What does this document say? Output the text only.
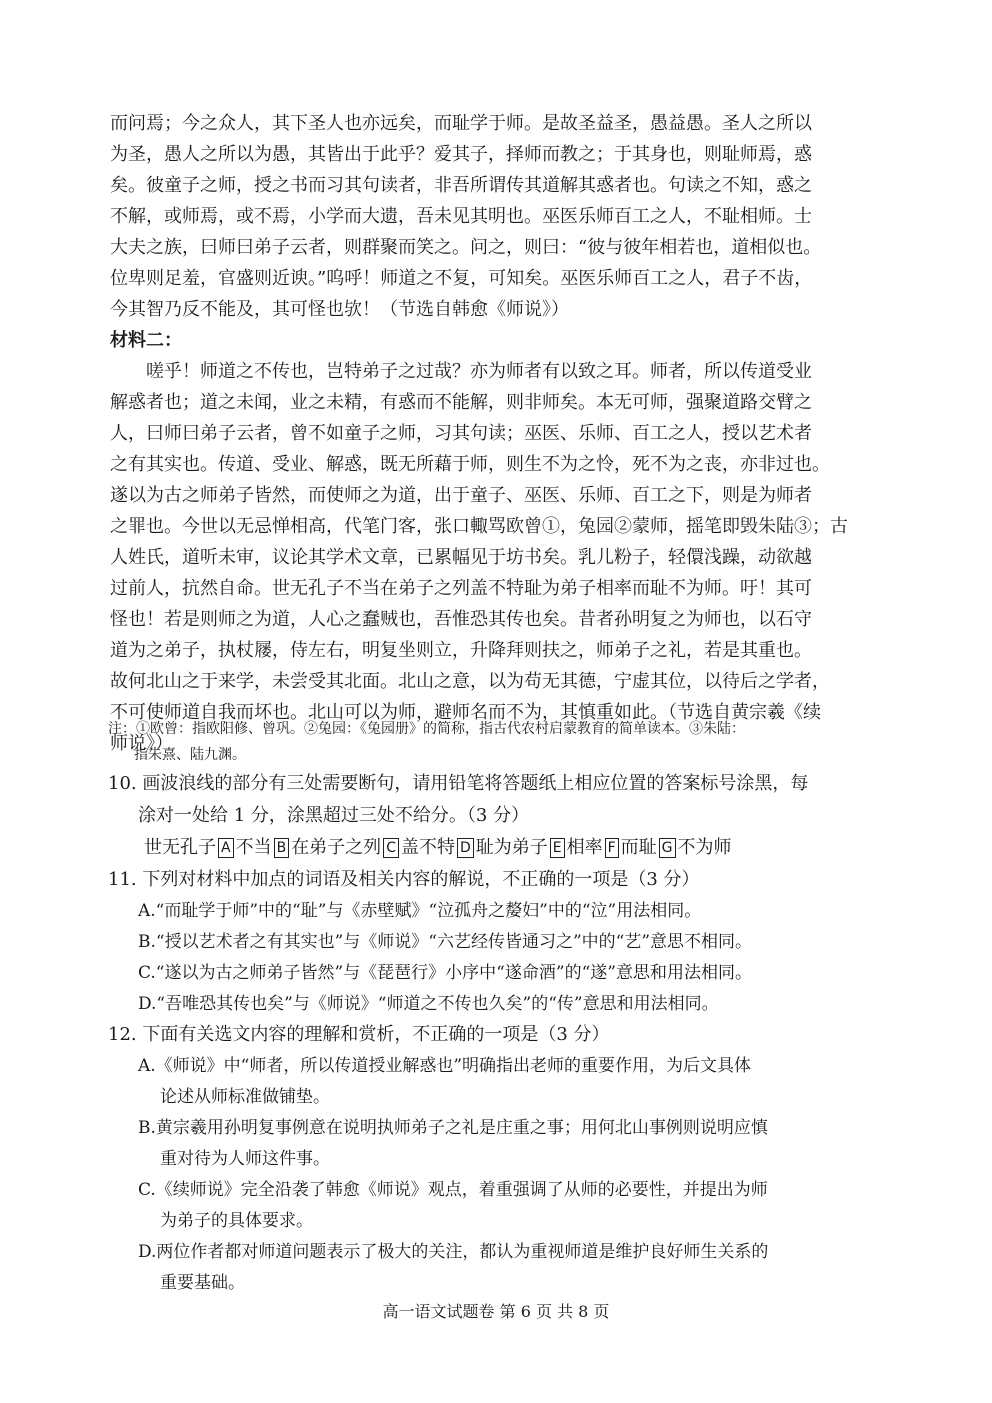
而问焉；今之众人，其下圣人也亦远矣，而耻学于师。是故圣益圣，愚益愚。圣人之所以
为圣，愚人之所以为愚，其皆出于此乎？爱其子，择师而教之；于其身也，则耻师焉，惑
矣。彼童子之师，授之书而习其句读者，非吾所谓传其道解其惑者也。句读之不知，惑之
不解，或师焉，或不焉，小学而大遗，吾未见其明也。巫医乐师百工之人，不耻相师。士
大夫之族，曰师曰弟子云者，则群聚而笑之。问之，则曰：“彼与彼年相若也，道相似也。
位卑则足羞，官盛则近谀。”呜呼！师道之不复，可知矣。巫医乐师百工之人，君子不齿，
今其智乃反不能及，其可怪也欤！（节选自韩愈《师说》）
材料二：
嗟乎！师道之不传也，岂特弟子之过哉？亦为师者有以致之耳。师者，所以传道受业
解惑者也；道之未闻，业之未精，有惑而不能解，则非师矣。本无可师，强聚道路交臂之
人，曰师曰弟子云者，曾不如童子之师，习其句读；巫医、乐师、百工之人，授以艺术者
之有其实也。传道、受业、解惑，既无所藉于师，则生不为之怜，死不为之丧，亦非过也。
遂以为古之师弟子皆然，而使师之为道，出于童子、巫医、乐师、百工之下，则是为师者
之罪也。今世以无忌惮相高，代笔门客，张口輙骂欧曾①，兔园②蒙师，摇笔即毁朱陆③；古
人姓氏，道听未审，议论其学术文章，已累幅见于坊书矣。乳儿粉子，轻儇浅躁，动欲越
过前人，抗然自命。世无孔子不当在弟子之列盖不特耻为弟子相率而耻不为师。吁！其可
怪也！若是则师之为道，人心之蠢贼也，吾惟恐其传也矣。昔者孙明复之为师也，以石守
道为之弟子，执杖屦，侍左右，明复坐则立，升降拜则扶之，师弟子之礼，若是其重也。
故何北山之于来学，未尝受其北面。北山之意，以为苟无其德，宁虚其位，以待后之学者，
不可使师道自我而坏也。北山可以为师，避师名而不为，其慎重如此。（节选自黄宗羲《续
师说》）
注：①欧曾：指欧阳修、曾巩。②兔园：《兔园册》的简称，指古代农村启蒙教育的简单读本。③朱陆：
指朱熹、陆九渊。
10. 画波浪线的部分有三处需要断句，请用铅笔将答题纸上相应位置的答案标号涂黑，每
涂对一处给 1 分，涂黑超过三处不给分。（3 分）
世无孔子 A 不当 B 在弟子之列 C 盖不特 D 耻为弟子 E 相率 F 而耻 G 不为师
11. 下列对材料中加点的词语及相关内容的解说，不正确的一项是（3 分）
A.“而耻学于师”中的“耻”与《赤壁赋》“泣孤舟之嫠妇”中的“泣”用法相同。
B.“授以艺术者之有其实也”与《师说》“六艺经传皆通习之”中的“艺”意思不相同。
C.“遂以为古之师弟子皆然”与《琵琶行》小序中“遂命酒”的“遂”意思和用法相同。
D.“吾唯恐其传也矣”与《师说》“师道之不传也久矣”的“传”意思和用法相同。
12. 下面有关选文内容的理解和赏析，不正确的一项是（3 分）
A.《师说》中“师者，所以传道授业解惑也”明确指出老师的重要作用，为后文具体
论述从师标准做铺垫。
B.黄宗羲用孙明复事例意在说明执师弟子之礼是庄重之事；用何北山事例则说明应慎
重对待为人师这件事。
C.《续师说》完全沿袭了韩愈《师说》观点，着重强调了从师的必要性，并提出为师
为弟子的具体要求。
D.两位作者都对师道问题表示了极大的关注，都认为重视师道是维护良好师生关系的
重要基础。
高一语文试题卷 第 6 页 共 8 页
